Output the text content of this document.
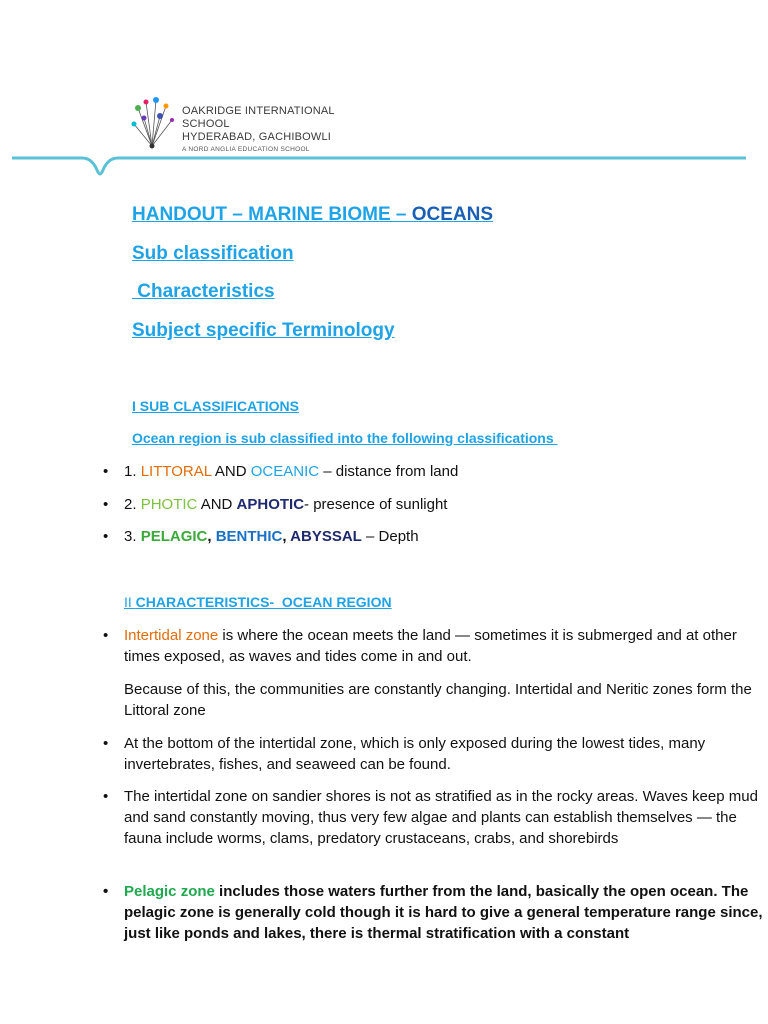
OAKRIDGE INTERNATIONAL SCHOOL
HYDERABAD, GACHIBOWLI
A NORD ANGLIA EDUCATION SCHOOL
HANDOUT – MARINE BIOME – OCEANS
Sub classification
Characteristics
Subject specific Terminology
I SUB CLASSIFICATIONS
Ocean region is sub classified into the following classifications
• 1. LITTORAL AND OCEANIC – distance from land
• 2. PHOTIC AND APHOTIC- presence of sunlight
• 3. PELAGIC, BENTHIC, ABYSSAL – Depth
II CHARACTERISTICS-  OCEAN REGION
• Intertidal zone is where the ocean meets the land — sometimes it is submerged and at other times exposed, as waves and tides come in and out.
Because of this, the communities are constantly changing. Intertidal and Neritic zones form the Littoral zone
• At the bottom of the intertidal zone, which is only exposed during the lowest tides, many invertebrates, fishes, and seaweed can be found.
• The intertidal zone on sandier shores is not as stratified as in the rocky areas. Waves keep mud and sand constantly moving, thus very few algae and plants can establish themselves — the fauna include worms, clams, predatory crustaceans, crabs, and shorebirds
• Pelagic zone includes those waters further from the land, basically the open ocean. The pelagic zone is generally cold though it is hard to give a general temperature range since, just like ponds and lakes, there is thermal stratification with a constant
